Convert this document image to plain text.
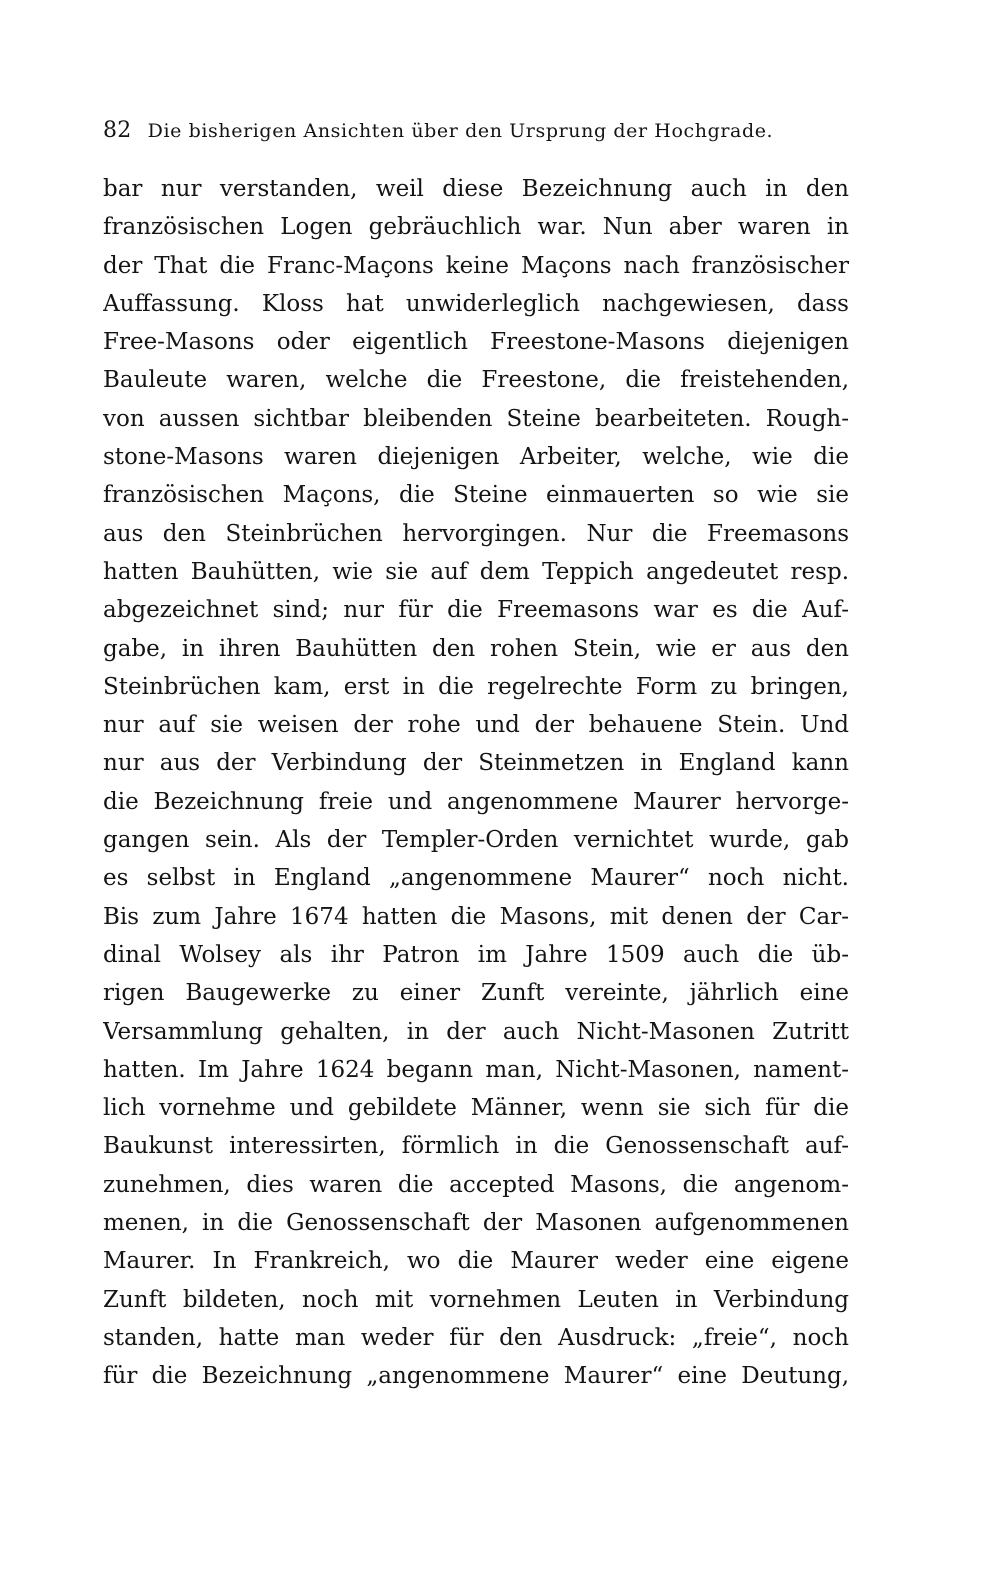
82 Die bisherigen Ansichten über den Ursprung der Hochgrade.
bar nur verstanden, weil diese Bezeichnung auch in den
französischen Logen gebräuchlich war. Nun aber waren in
der That die Franc-Maçons keine Maçons nach französischer
Auffassung. Kloss hat unwiderleglich nachgewiesen, dass
Free-Masons oder eigentlich Freestone-Masons diejenigen
Bauleute waren, welche die Freestone, die freistehenden,
von aussen sichtbar bleibenden Steine bearbeiteten. Rough-
stone-Masons waren diejenigen Arbeiter, welche, wie die
französischen Maçons, die Steine einmauerten so wie sie
aus den Steinbrüchen hervorgingen. Nur die Freemasons
hatten Bauhütten, wie sie auf dem Teppich angedeutet resp.
abgezeichnet sind; nur für die Freemasons war es die Auf-
gabe, in ihren Bauhütten den rohen Stein, wie er aus den
Steinbrüchen kam, erst in die regelrechte Form zu bringen,
nur auf sie weisen der rohe und der behauene Stein. Und
nur aus der Verbindung der Steinmetzen in England kann
die Bezeichnung freie und angenommene Maurer hervorge-
gangen sein. Als der Templer-Orden vernichtet wurde, gab
es selbst in England „angenommene Maurer“ noch nicht.
Bis zum Jahre 1674 hatten die Masons, mit denen der Car-
dinal Wolsey als ihr Patron im Jahre 1509 auch die üb-
rigen Baugewerke zu einer Zunft vereinte, jährlich eine
Versammlung gehalten, in der auch Nicht-Masonen Zutritt
hatten. Im Jahre 1624 begann man, Nicht-Masonen, nament-
lich vornehme und gebildete Männer, wenn sie sich für die
Baukunst interessirten, förmlich in die Genossenschaft auf-
zunehmen, dies waren die accepted Masons, die angenom-
menen, in die Genossenschaft der Masonen aufgenommenen
Maurer. In Frankreich, wo die Maurer weder eine eigene
Zunft bildeten, noch mit vornehmen Leuten in Verbindung
standen, hatte man weder für den Ausdruck: „freie“, noch
für die Bezeichnung „angenommene Maurer“ eine Deutung,
